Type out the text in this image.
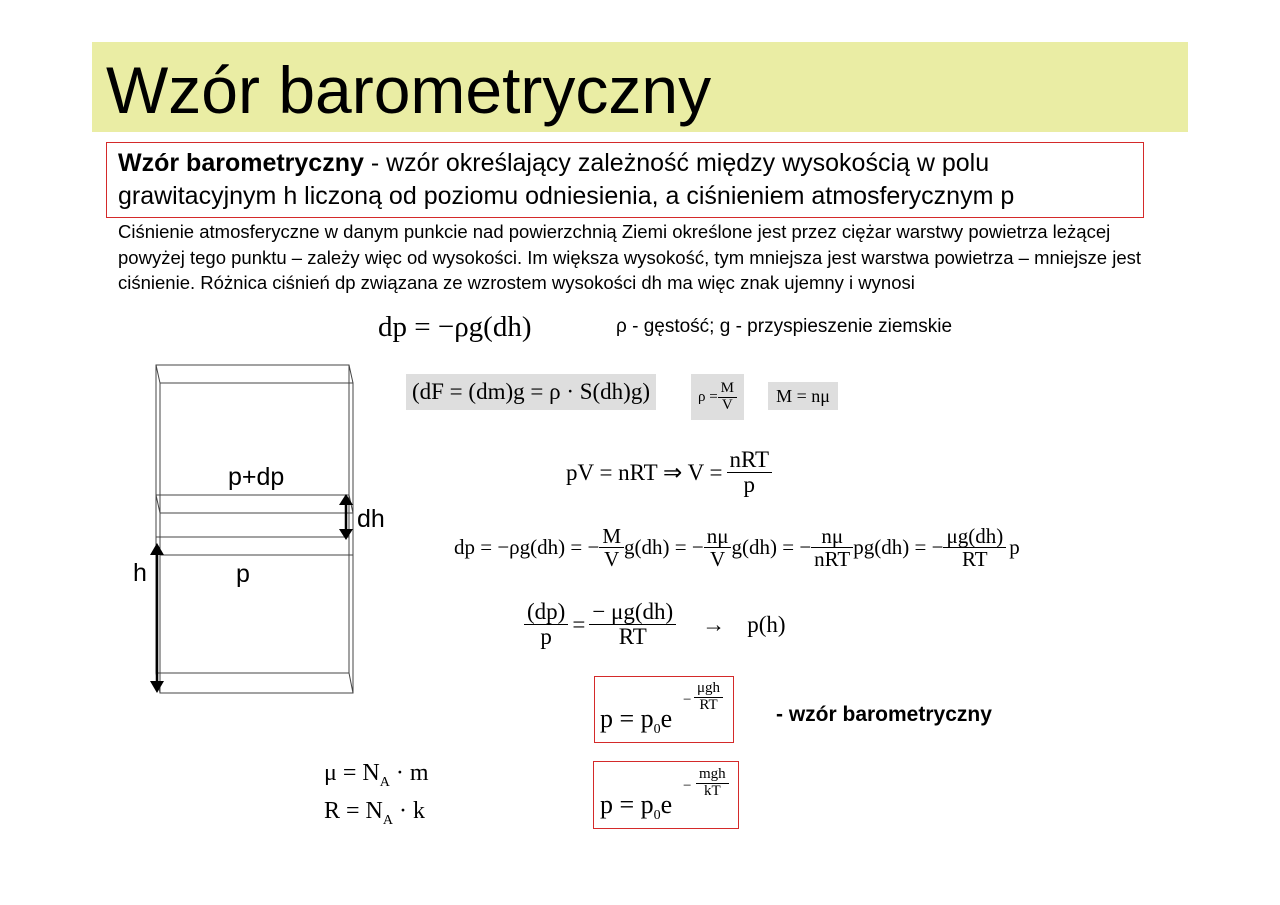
Wzór barometryczny
Wzór barometryczny - wzór określający zależność między wysokością w polu
grawitacyjnym h liczoną od poziomu odniesienia, a ciśnieniem atmosferycznym p
Ciśnienie atmosferyczne w danym punkcie nad powierzchnią Ziemi określone jest przez ciężar warstwy powietrza leżącej powyżej tego punktu – zależy więc od wysokości. Im większa wysokość, tym mniejsza jest warstwa powietrza – mniejsze jest ciśnienie. Różnica ciśnień dp związana ze wzrostem wysokości dh ma więc znak ujemny i wynosi
dp = −ρg(dh)	ρ - gęstość; g - przyspieszenie ziemskie
(dF = (dm)g = ρ · S(dh)g)	$\rho = \frac{M}{V}$	M = nμ
pV = nRT ⇒ $V = \frac{\text{nRT}}{p}$
dp = −ρg(dh) = − $\frac{M}{V} g(dh)$ = − $\frac{n\mu}{V} g(dh)$ = − $\frac{n\mu}{\text{nRT}} pg(dh)$ = − $\frac{\mu g(dh)}{RT}$ p
$\frac{(dp)}{p} = \frac{- \mu g(dh)}{RT} \to p(h)$
$p = p_0e$
− $\frac{\text{μgh}}{RT}$
- wzór barometryczny
$p = p_0e$
− $\frac{\text{mgh}}{kT}$
$\mu = N_A \cdot m$
$R = N_A \cdot k$
p+dp
p
dh
h
